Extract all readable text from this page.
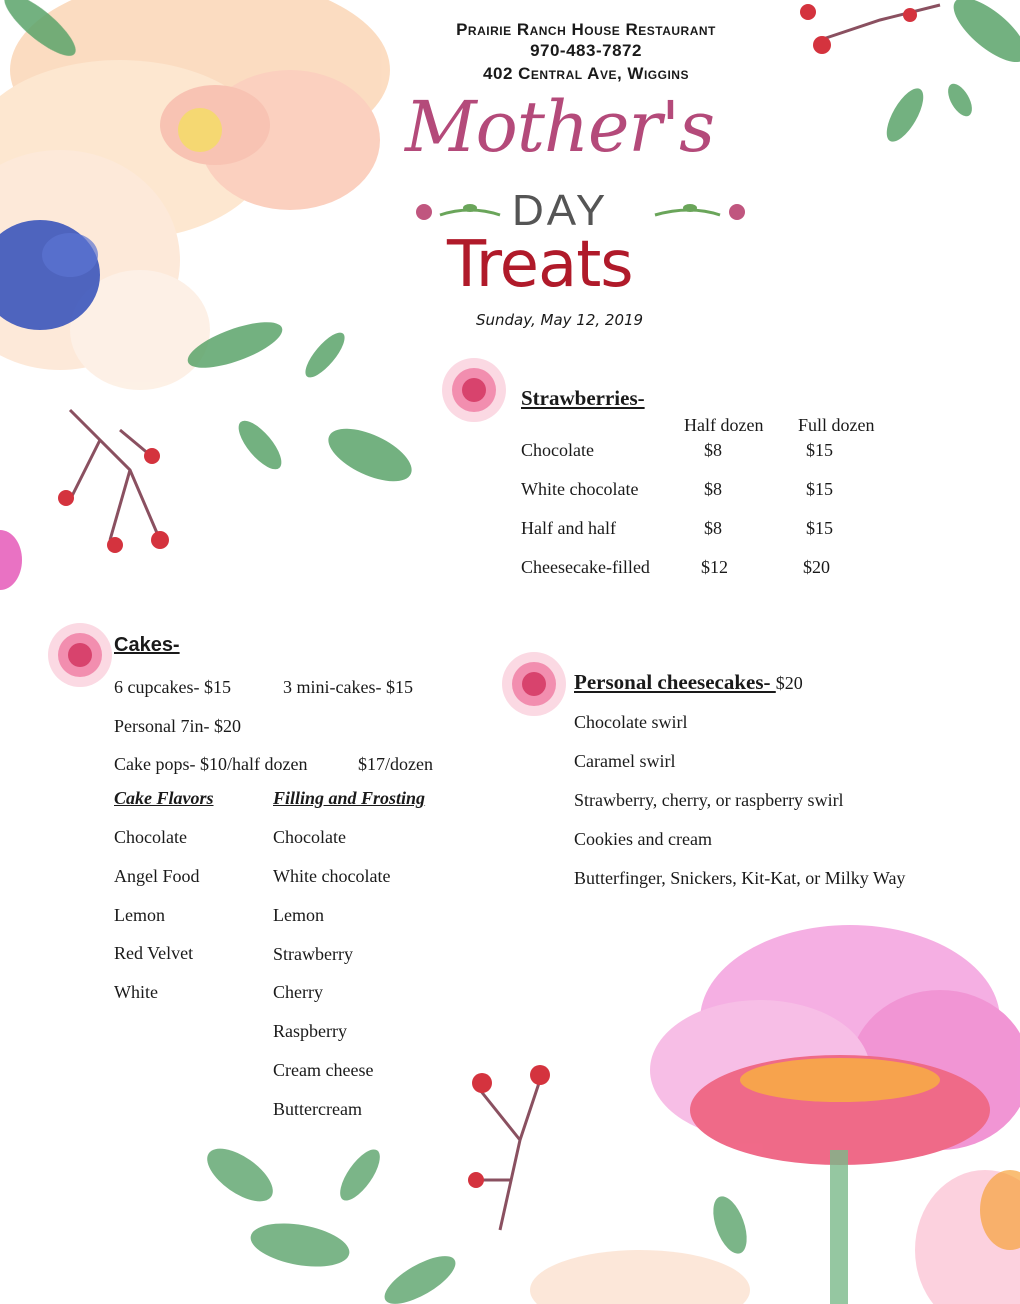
Prairie Ranch House Restaurant
970-483-7872
402 Central Ave, Wiggins
Mother's
DAY
Treats
Sunday, May 12, 2019
Strawberries-
Half dozen Full dozen
Chocolate	$8	$15
White chocolate	$8	$15
Half and half	$8	$15
Cheesecake-filled	$12	$20
Cakes-
6 cupcakes- $15	3 mini-cakes- $15
Personal 7in- $20
Cake pops- $10/half dozen	$17/dozen
Cake Flavors	Filling and Frosting
Chocolate
Angel Food
Lemon
Red Velvet
White
Chocolate
White chocolate
Lemon
Strawberry
Cherry
Raspberry
Cream cheese
Buttercream
Personal cheesecakes- $20
Chocolate swirl
Caramel swirl
Strawberry, cherry, or raspberry swirl
Cookies and cream
Butterfinger, Snickers, Kit-Kat, or Milky Way
